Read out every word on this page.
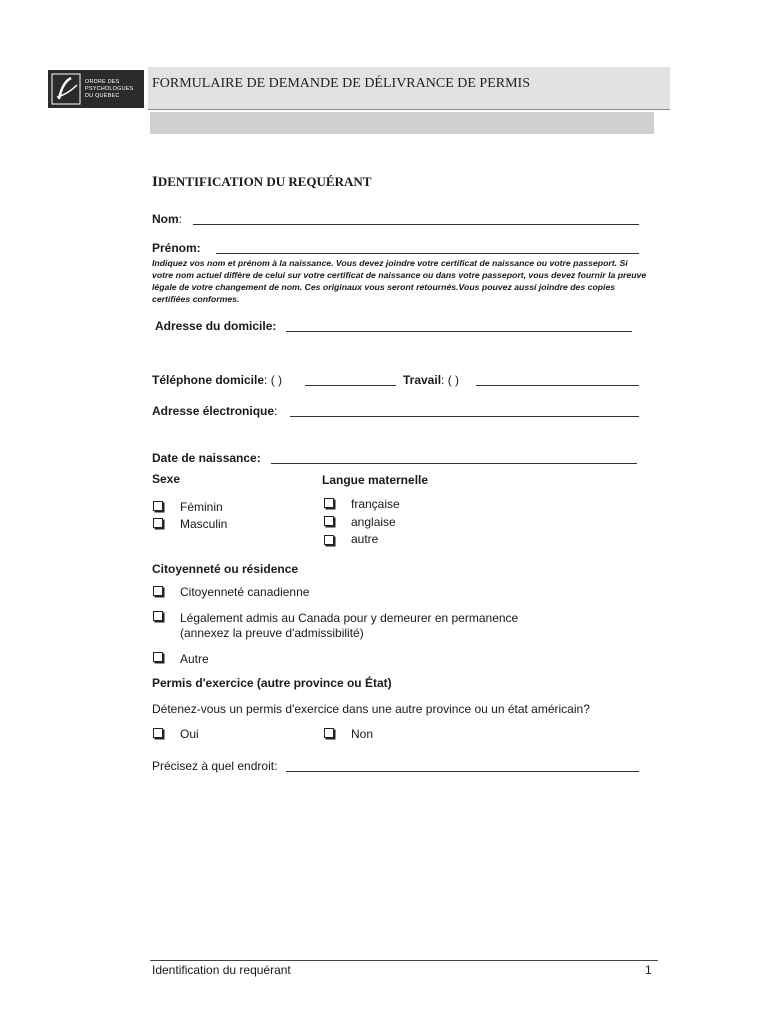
ORDRE DES
PSYCHOLOGUES
DU QUÉBEC
FORMULAIRE DE DEMANDE DE DÉLIVRANCE DE PERMIS
IDENTIFICATION DU REQUÉRANT
Nom:
Prénom:
Indiquez vos nom et prénom à la naissance. Vous devez joindre votre certificat de naissance ou votre passeport. Si votre nom actuel diffère de celui sur votre certificat de naissance ou dans votre passeport, vous devez fournir la preuve légale de votre changement de nom. Ces originaux vous seront retournés.Vous pouvez aussi joindre des copies certifiées conformes.
Adresse du domicile:
Téléphone domicile: ( )	Travail: ( )
Adresse électronique:
Date de naissance:
Sexe	Langue maternelle
Féminin
Masculin
française
anglaise
autre
Citoyenneté ou résidence
Citoyenneté canadienne
Légalement admis au Canada pour y demeurer en permanence
(annexez la preuve d'admissibilité)
Autre
Permis d'exercice (autre province ou État)
Détenez-vous un permis d'exercice dans une autre province ou un état américain?
Oui	Non
Précisez à quel endroit:
Identification du requérant	1
